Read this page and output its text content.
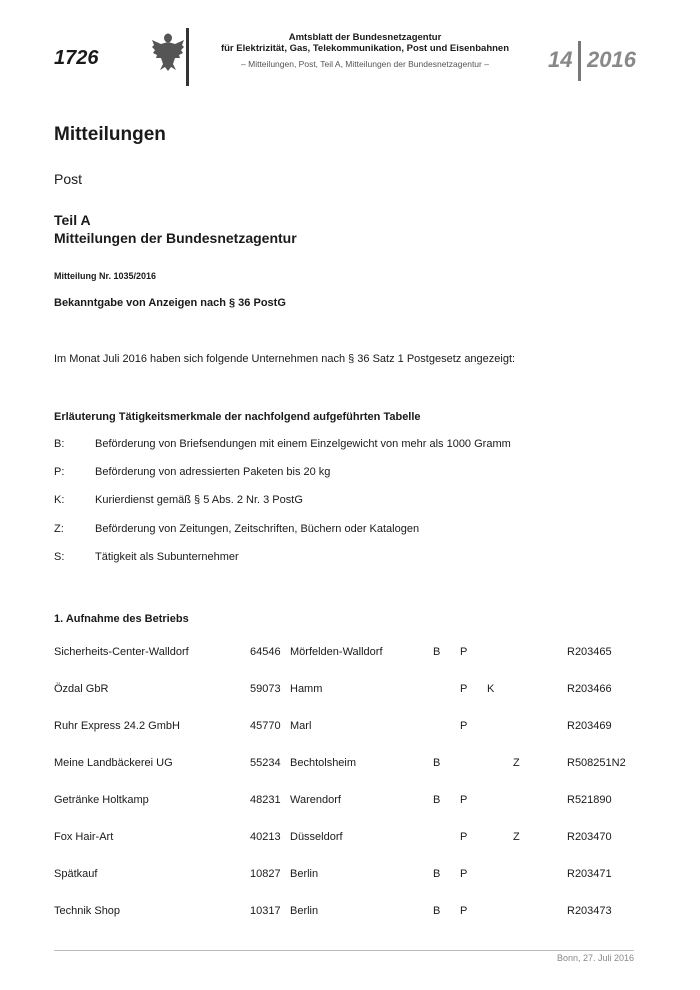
1726
Amtsblatt der Bundesnetzagentur
für Elektrizität, Gas, Telekommunikation, Post und Eisenbahnen
– Mitteilungen, Post, Teil A, Mitteilungen der Bundesnetzagentur –	14 2016
Mitteilungen
Post
Teil A
Mitteilungen der Bundesnetzagentur
Mitteilung Nr. 1035/2016
Bekanntgabe von Anzeigen nach § 36 PostG
Im Monat Juli 2016 haben sich folgende Unternehmen nach § 36 Satz 1 Postgesetz angezeigt:
Erläuterung Tätigkeitsmerkmale der nachfolgend aufgeführten Tabelle
B:	Beförderung von Briefsendungen mit einem Einzelgewicht von mehr als 1000 Gramm
P:	Beförderung von adressierten Paketen bis 20 kg
K:	Kurierdienst gemäß § 5 Abs. 2 Nr. 3 PostG
Z:	Beförderung von Zeitungen, Zeitschriften, Büchern oder Katalogen
S:	Tätigkeit als Subunternehmer
1. Aufnahme des Betriebs
Sicherheits-Center-Walldorf	64546 Mörfelden-Walldorf	B P	R203465
Özdal GbR	59073 Hamm	P K	R203466
Ruhr Express 24.2 GmbH	45770 Marl	P	R203469
Meine Landbäckerei UG	55234 Bechtolsheim	B	Z	R508251N2
Getränke Holtkamp	48231 Warendorf	B P	R521890
Fox Hair-Art	40213 Düsseldorf	P	Z	R203470
Spätkauf	10827 Berlin	B P	R203471
Technik Shop	10317 Berlin	B P	R203473
Bonn, 27. Juli 2016
